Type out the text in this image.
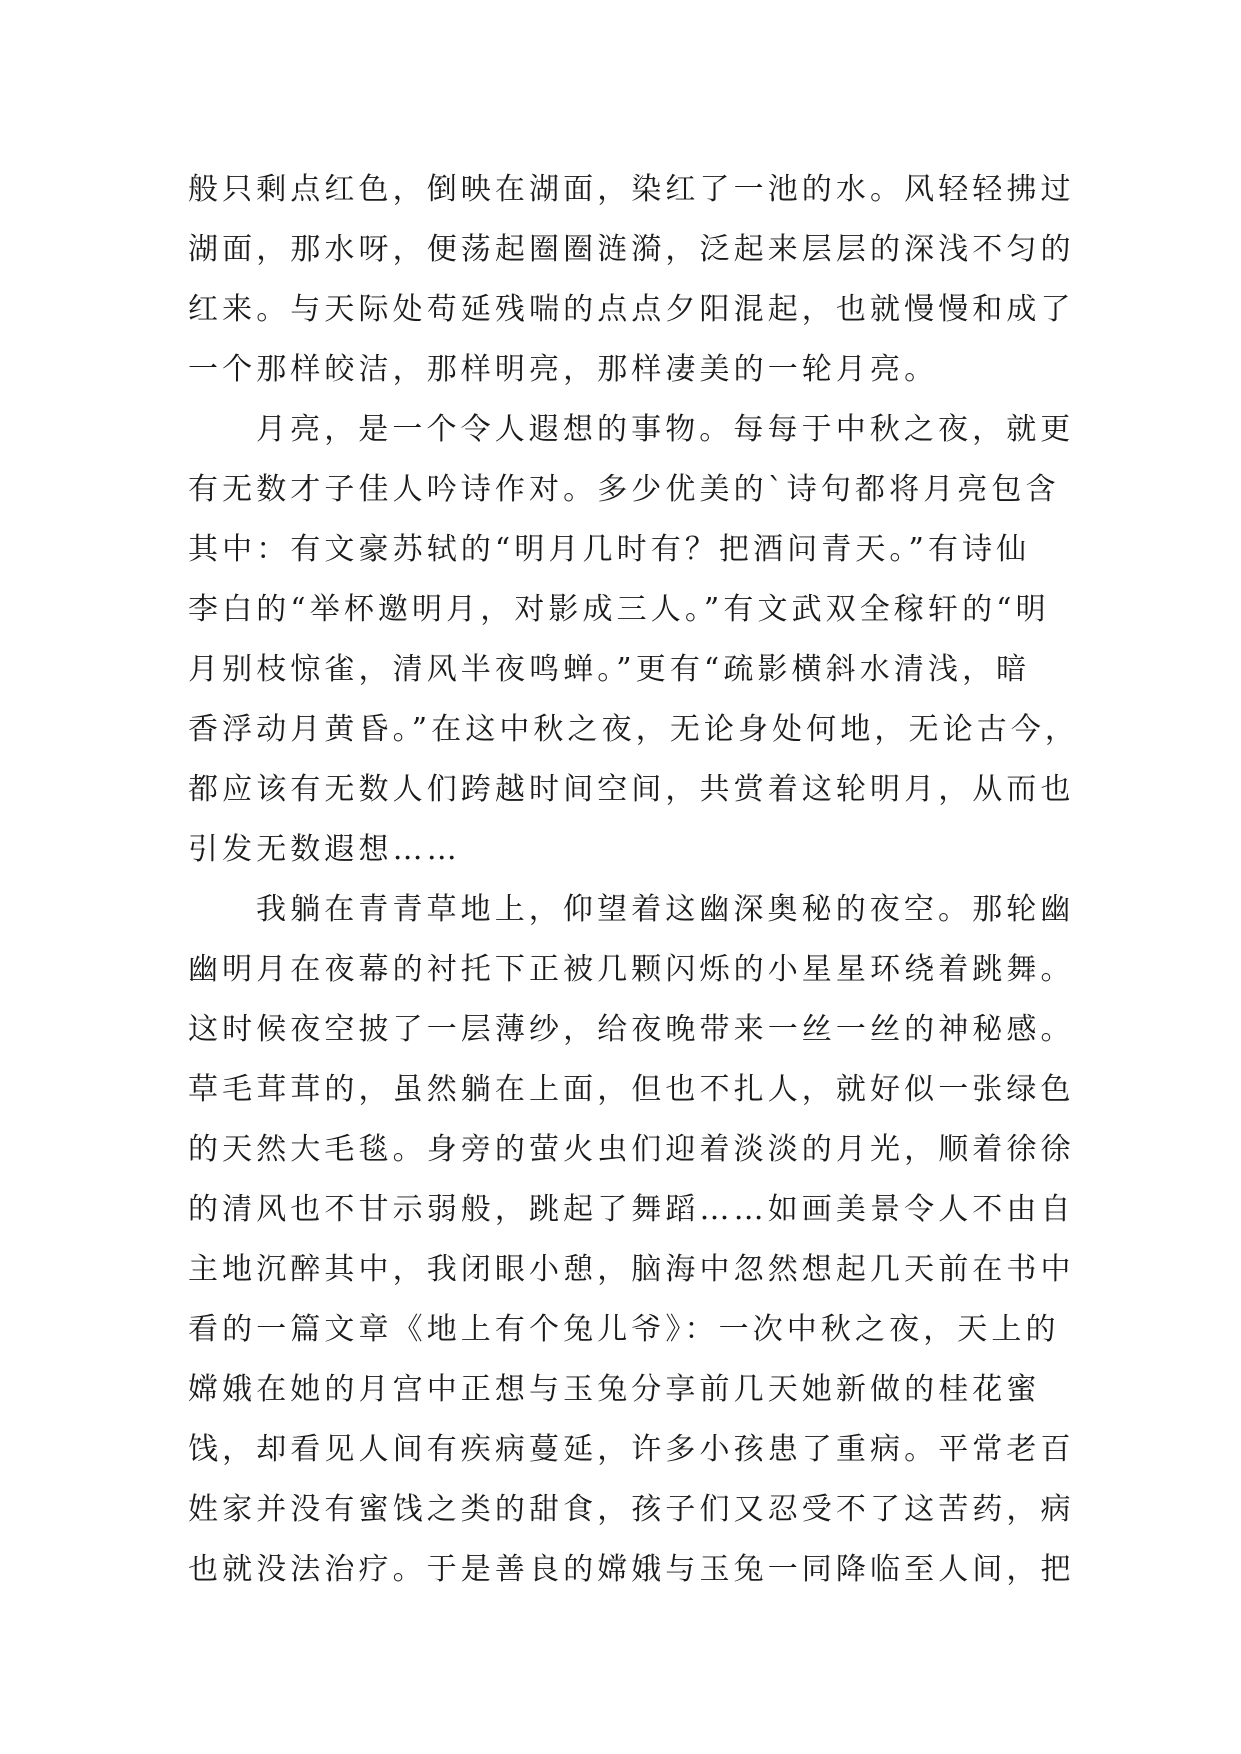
般只剩点红色，倒映在湖面，染红了一池的水。风轻轻拂过
湖面，那水呀，便荡起圈圈涟漪，泛起来层层的深浅不匀的
红来。与天际处苟延残喘的点点夕阳混起，也就慢慢和成了
一个那样皎洁，那样明亮，那样凄美的一轮月亮。
月亮，是一个令人遐想的事物。每每于中秋之夜，就更
有无数才子佳人吟诗作对。多少优美的`诗句都将月亮包含
其中：有文豪苏轼的“明月几时有？把酒问青天。”有诗仙
李白的“举杯邀明月，对影成三人。”有文武双全稼轩的“明
月别枝惊雀，清风半夜鸣蝉。”更有“疏影横斜水清浅，暗
香浮动月黄昏。”在这中秋之夜，无论身处何地，无论古今，
都应该有无数人们跨越时间空间，共赏着这轮明月，从而也
引发无数遐想……
我躺在青青草地上，仰望着这幽深奥秘的夜空。那轮幽
幽明月在夜幕的衬托下正被几颗闪烁的小星星环绕着跳舞。
这时候夜空披了一层薄纱，给夜晚带来一丝一丝的神秘感。
草毛茸茸的，虽然躺在上面，但也不扎人，就好似一张绿色
的天然大毛毯。身旁的萤火虫们迎着淡淡的月光，顺着徐徐
的清风也不甘示弱般，跳起了舞蹈……如画美景令人不由自
主地沉醉其中，我闭眼小憩，脑海中忽然想起几天前在书中
看的一篇文章《地上有个兔儿爷》：一次中秋之夜，天上的
嫦娥在她的月宫中正想与玉兔分享前几天她新做的桂花蜜
饯，却看见人间有疾病蔓延，许多小孩患了重病。平常老百
姓家并没有蜜饯之类的甜食，孩子们又忍受不了这苦药，病
也就没法治疗。于是善良的嫦娥与玉兔一同降临至人间，把
